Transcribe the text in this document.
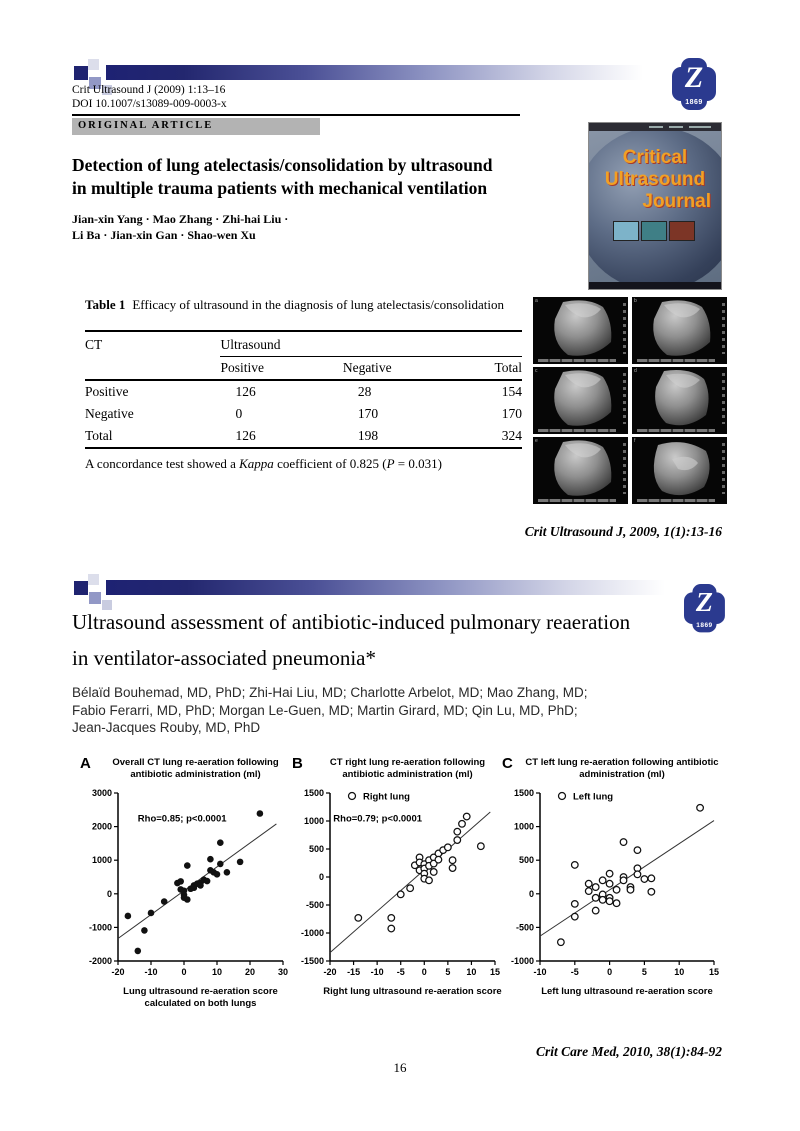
Z
1869
Crit Ultrasound J (2009) 1:13–16
DOI 10.1007/s13089-009-0003-x
ORIGINAL ARTICLE
Detection of lung atelectasis/consolidation by ultrasound
in multiple trauma patients with mechanical ventilation
Jian-xin Yang · Mao Zhang · Zhi-hai Liu ·
Li Ba · Jian-xin Gan · Shao-wen Xu
Critical
Ultrasound
Journal
Table 1 Efficacy of ultrasound in the diagnosis of lung atelectasis/consolidation
CT	Ultrasound		
	Positive	Negative	Total
Positive	126	28	154
Negative	0	170	170
Total	126	198	324
A concordance test showed a Kappa coefficient of 0.825 (P = 0.031)
a	b
c	d
e	f
Crit Ultrasound J, 2009, 1(1):13-16
Z
1869
Ultrasound assessment of antibiotic-induced pulmonary reaeration
in ventilator-associated pneumonia*
Bélaïd Bouhemad, MD, PhD; Zhi-Hai Liu, MD; Charlotte Arbelot, MD; Mao Zhang, MD;
Fabio Ferarri, MD, PhD; Morgan Le-Guen, MD; Martin Girard, MD; Qin Lu, MD, PhD;
Jean-Jacques Rouby, MD, PhD
A	Overall CT lung re-aeration following antibiotic administration (ml)
3000
2000
1000
0
-1000
-2000
-20 -10	0	10	20	30
Rho=0.85; p<0.0001
Lung ultrasound re-aeration score calculated on both lungs
B	CT right lung re-aeration following antibiotic administration (ml)
1500
1000
500
0
-500
-1000
-1500
-20 -15 -10 -5 0 5 10 15
Right lung
Rho=0.79; p<0.0001
Right lung ultrasound re-aeration score
C	CT left lung re-aeration following antibiotic administration (ml)
1500
1000
500
0
-500
-1000
-10	-5	0	5	10	15
Left lung
Left lung ultrasound re-aeration score
Crit Care Med, 2010, 38(1):84-92
16
